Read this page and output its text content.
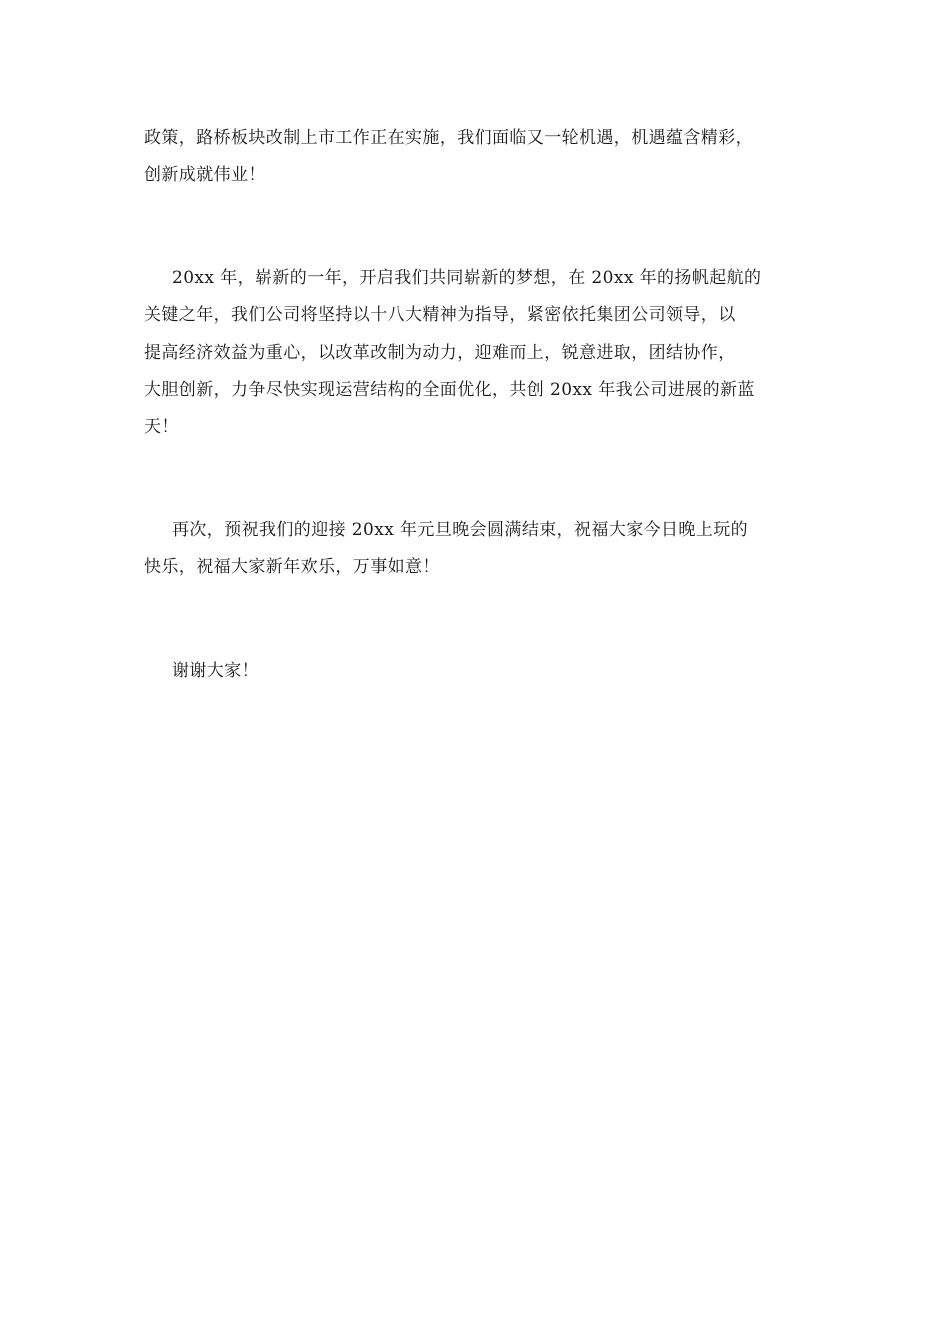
政策，路桥板块改制上市工作正在实施，我们面临又一轮机遇，机遇蕴含精彩，

创新成就伟业！

20xx 年，崭新的一年，开启我们共同崭新的梦想，在 20xx 年的扬帆起航的

关键之年，我们公司将坚持以十八大精神为指导，紧密依托集团公司领导，以

提高经济效益为重心，以改革改制为动力，迎难而上，锐意进取，团结协作，

大胆创新，力争尽快实现运营结构的全面优化，共创 20xx 年我公司进展的新蓝

天！

再次，预祝我们的迎接 20xx 年元旦晚会圆满结束，祝福大家今日晚上玩的

快乐，祝福大家新年欢乐，万事如意！

谢谢大家！
